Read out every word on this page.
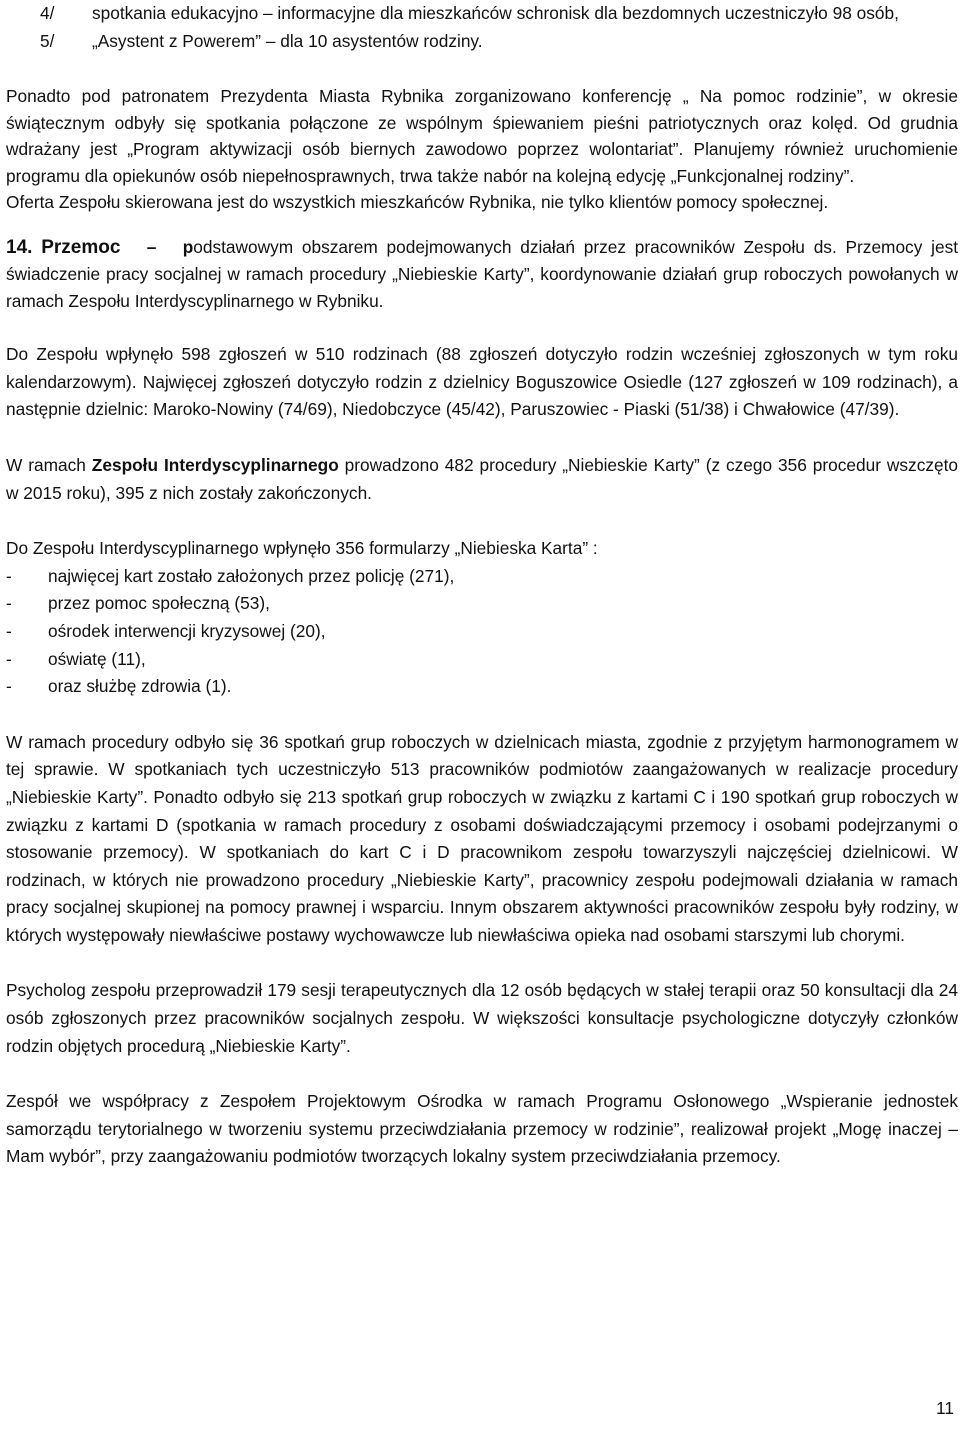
4/	spotkania edukacyjno – informacyjne dla mieszkańców schronisk dla bezdomnych uczestniczyło 98 osób,
5/	„Asystent z Powerem” – dla 10 asystentów rodziny.

Ponadto pod patronatem Prezydenta Miasta Rybnika zorganizowano konferencję „ Na pomoc rodzinie”, w okresie świątecznym odbyły się spotkania połączone ze wspólnym śpiewaniem pieśni patriotycznych oraz kolęd. Od grudnia wdrażany jest „Program aktywizacji osób biernych zawodowo poprzez wolontariat”. Planujemy również uruchomienie programu dla opiekunów osób niepełnosprawnych, trwa także nabór na kolejną edycję „Funkcjonalnej rodziny”.

Oferta Zespołu skierowana jest do wszystkich mieszkańców Rybnika, nie tylko klientów pomocy społecznej.

14. Przemoc – podstawowym obszarem podejmowanych działań przez pracowników Zespołu ds. Przemocy jest świadczenie pracy socjalnej w ramach procedury „Niebieskie Karty”, koordynowanie działań grup roboczych powołanych w ramach Zespołu Interdyscyplinarnego w Rybniku.

Do Zespołu wpłynęło 598 zgłoszeń w 510 rodzinach (88 zgłoszeń dotyczyło rodzin wcześniej zgłoszonych w tym roku kalendarzowym). Najwięcej zgłoszeń dotyczyło rodzin z dzielnicy Boguszowice Osiedle (127 zgłoszeń w 109 rodzinach), a następnie dzielnic: Maroko-Nowiny (74/69), Niedobczyce (45/42), Paruszowiec - Piaski (51/38) i Chwałowice (47/39).

W ramach Zespołu Interdyscyplinarnego prowadzono 482 procedury „Niebieskie Karty” (z czego 356 procedur wszczęto w 2015 roku), 395 z nich zostały zakończonych.

Do Zespołu Interdyscyplinarnego wpłynęło 356 formularzy „Niebieska Karta” :

-	najwięcej kart zostało założonych przez policję (271),
-	przez pomoc społeczną (53),
-	ośrodek interwencji kryzysowej (20),
-	oświatę (11),
-	oraz służbę zdrowia (1).

W ramach procedury odbyło się 36 spotkań grup roboczych w dzielnicach miasta, zgodnie z przyjętym harmonogramem w tej sprawie. W spotkaniach tych uczestniczyło 513 pracowników podmiotów zaangażowanych w realizacje procedury „Niebieskie Karty”. Ponadto odbyło się 213 spotkań grup roboczych w związku z kartami C i 190 spotkań grup roboczych w związku z kartami D (spotkania w ramach procedury z osobami doświadczającymi przemocy i osobami podejrzanymi o stosowanie przemocy). W spotkaniach do kart C i D pracownikom zespołu towarzyszyli najczęściej dzielnicowi. W rodzinach, w których nie prowadzono procedury „Niebieskie Karty”, pracownicy zespołu podejmowali działania w ramach pracy socjalnej skupionej na pomocy prawnej i wsparciu. Innym obszarem aktywności pracowników zespołu były rodziny, w których występowały niewłaściwe postawy wychowawcze lub niewłaściwa opieka nad osobami starszymi lub chorymi.

Psycholog zespołu przeprowadził 179 sesji terapeutycznych dla 12 osób będących w stałej terapii oraz 50 konsultacji dla 24 osób zgłoszonych przez pracowników socjalnych zespołu. W większości konsultacje psychologiczne dotyczyły członków rodzin objętych procedurą „Niebieskie Karty”.

Zespół we współpracy z Zespołem Projektowym Ośrodka w ramach Programu Osłonowego „Wspieranie jednostek samorządu terytorialnego w tworzeniu systemu przeciwdziałania przemocy w rodzinie”, realizował projekt „Mogę inaczej – Mam wybór”, przy zaangażowaniu podmiotów tworzących lokalny system przeciwdziałania przemocy.

11
